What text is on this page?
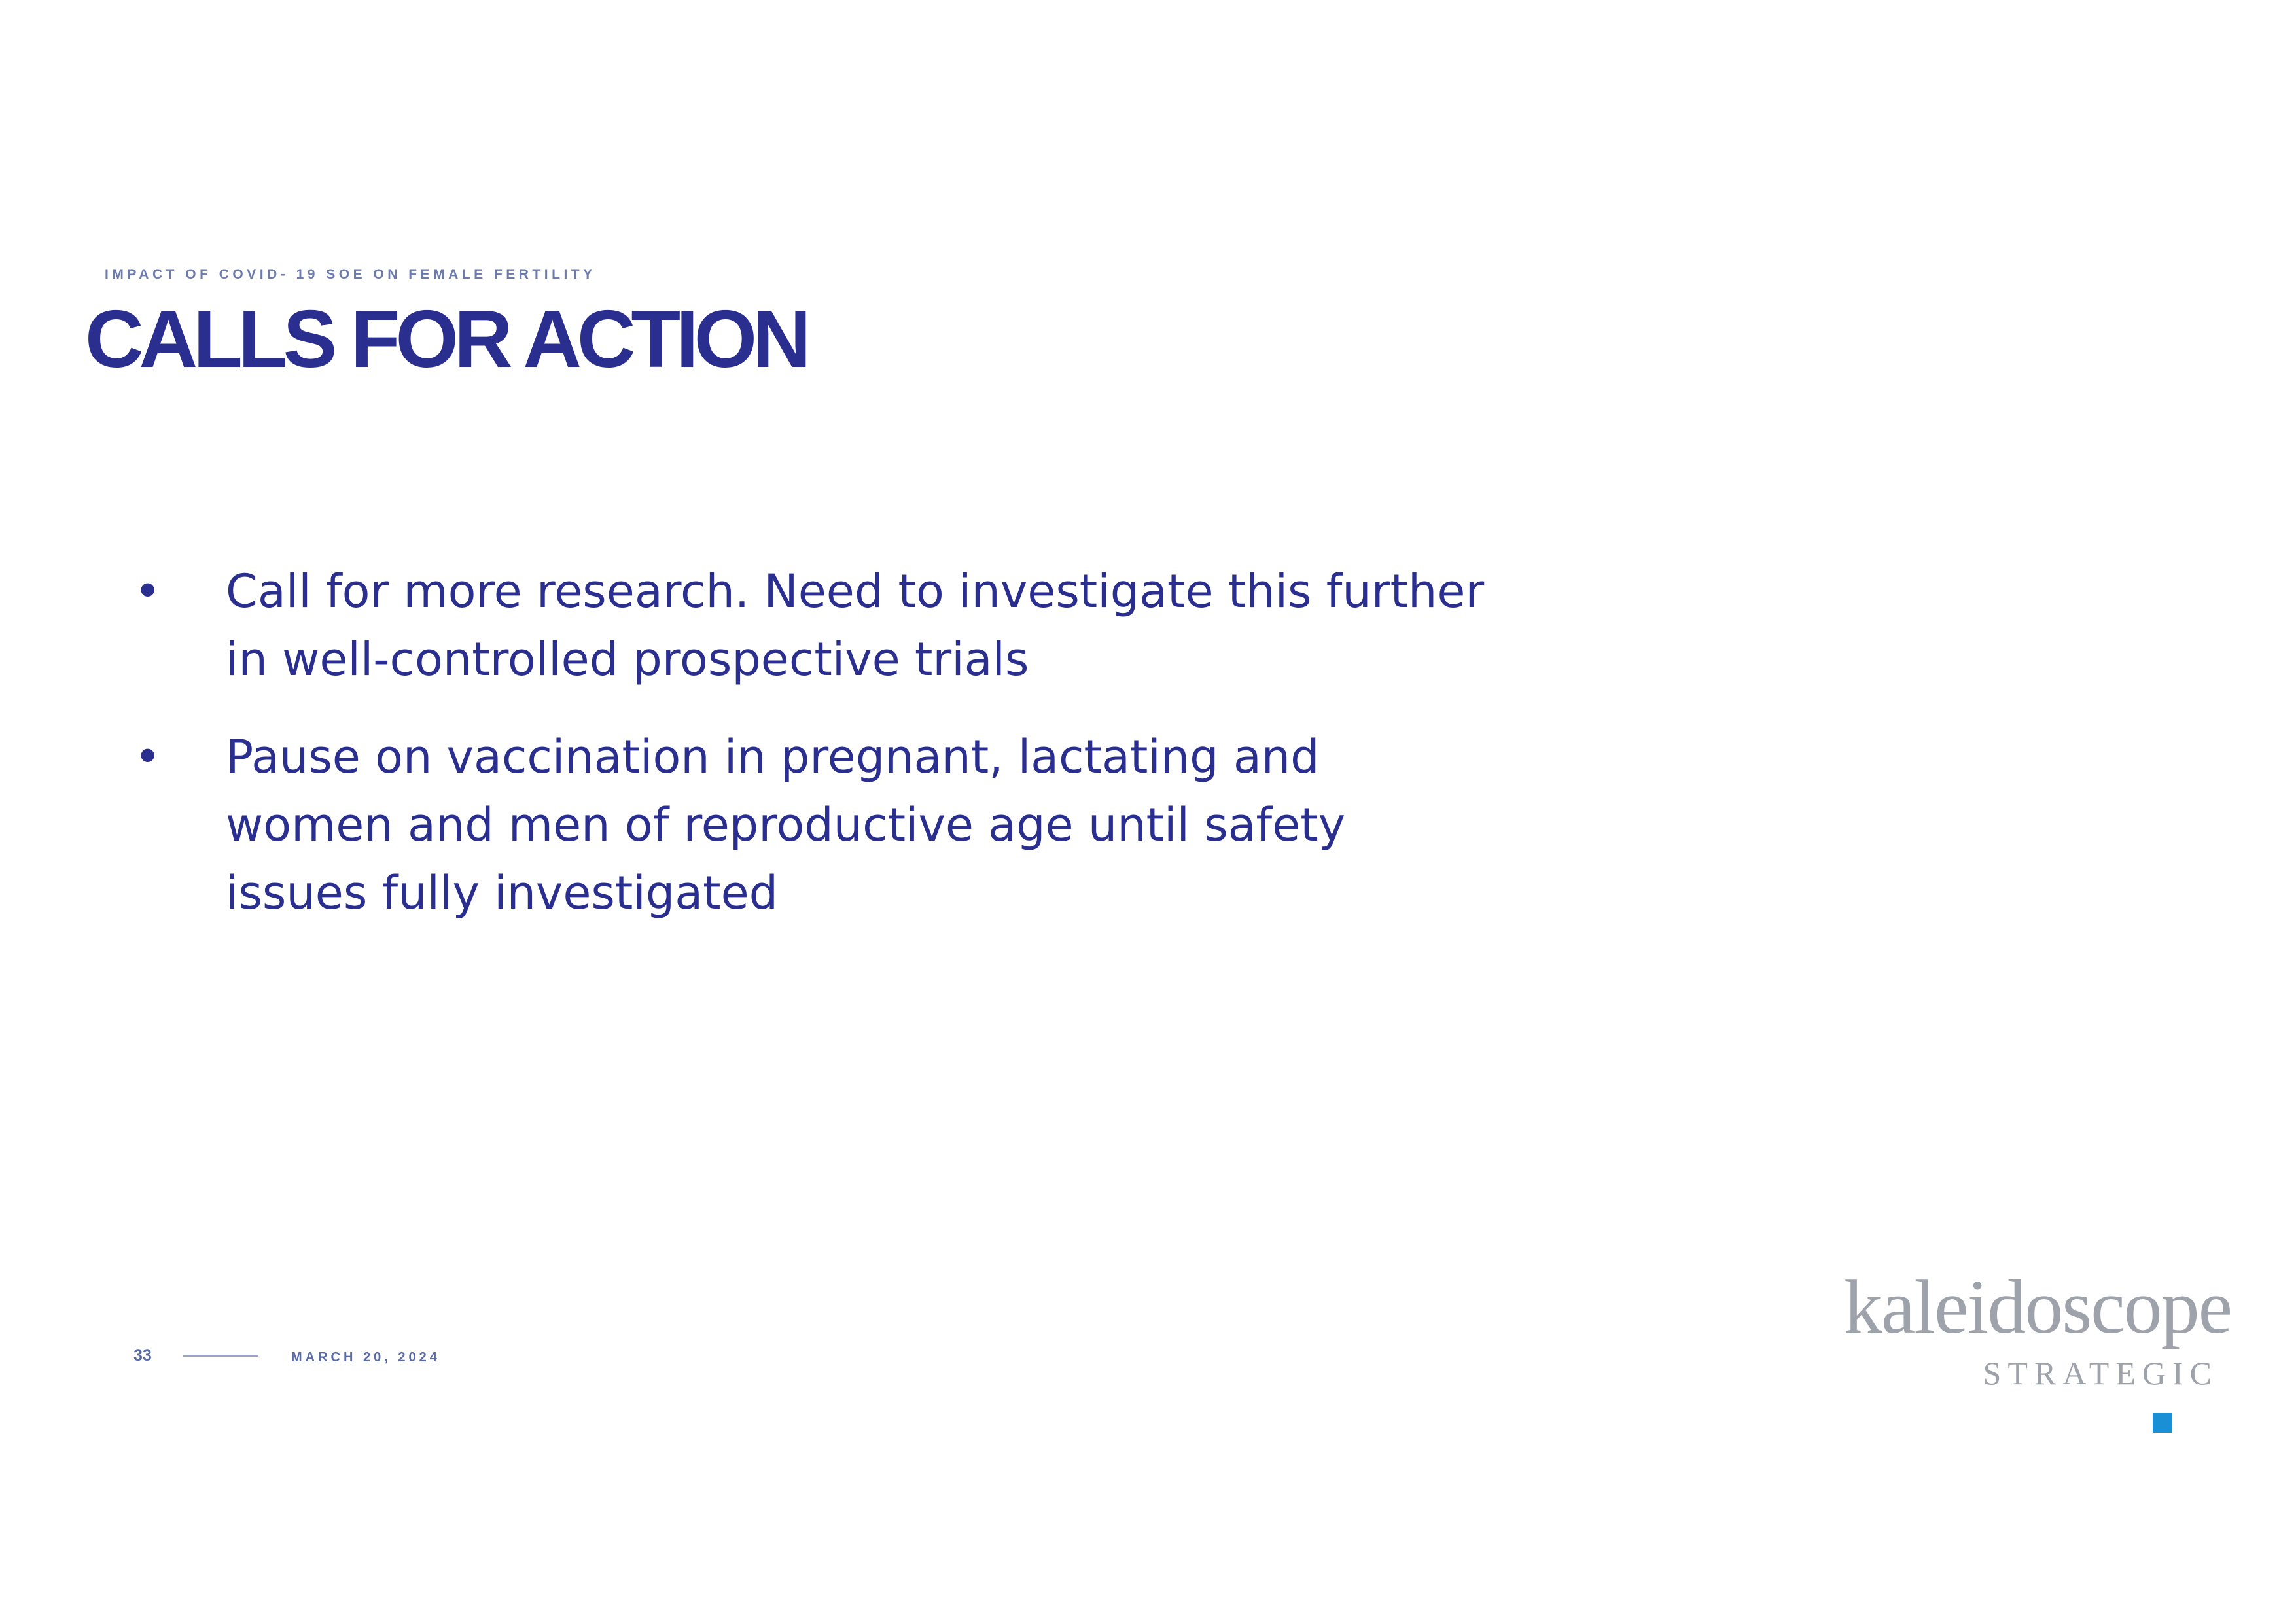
IMPACT OF COVID- 19 SOE ON FEMALE FERTILITY
CALLS FOR ACTION
• Call for more research. Need to investigate this further
in well-controlled prospective trials
• Pause on vaccination in pregnant, lactating and
women and men of reproductive age until safety
issues fully investigated
33	MARCH 20, 2024
kaleidoscope
STRATEGIC
